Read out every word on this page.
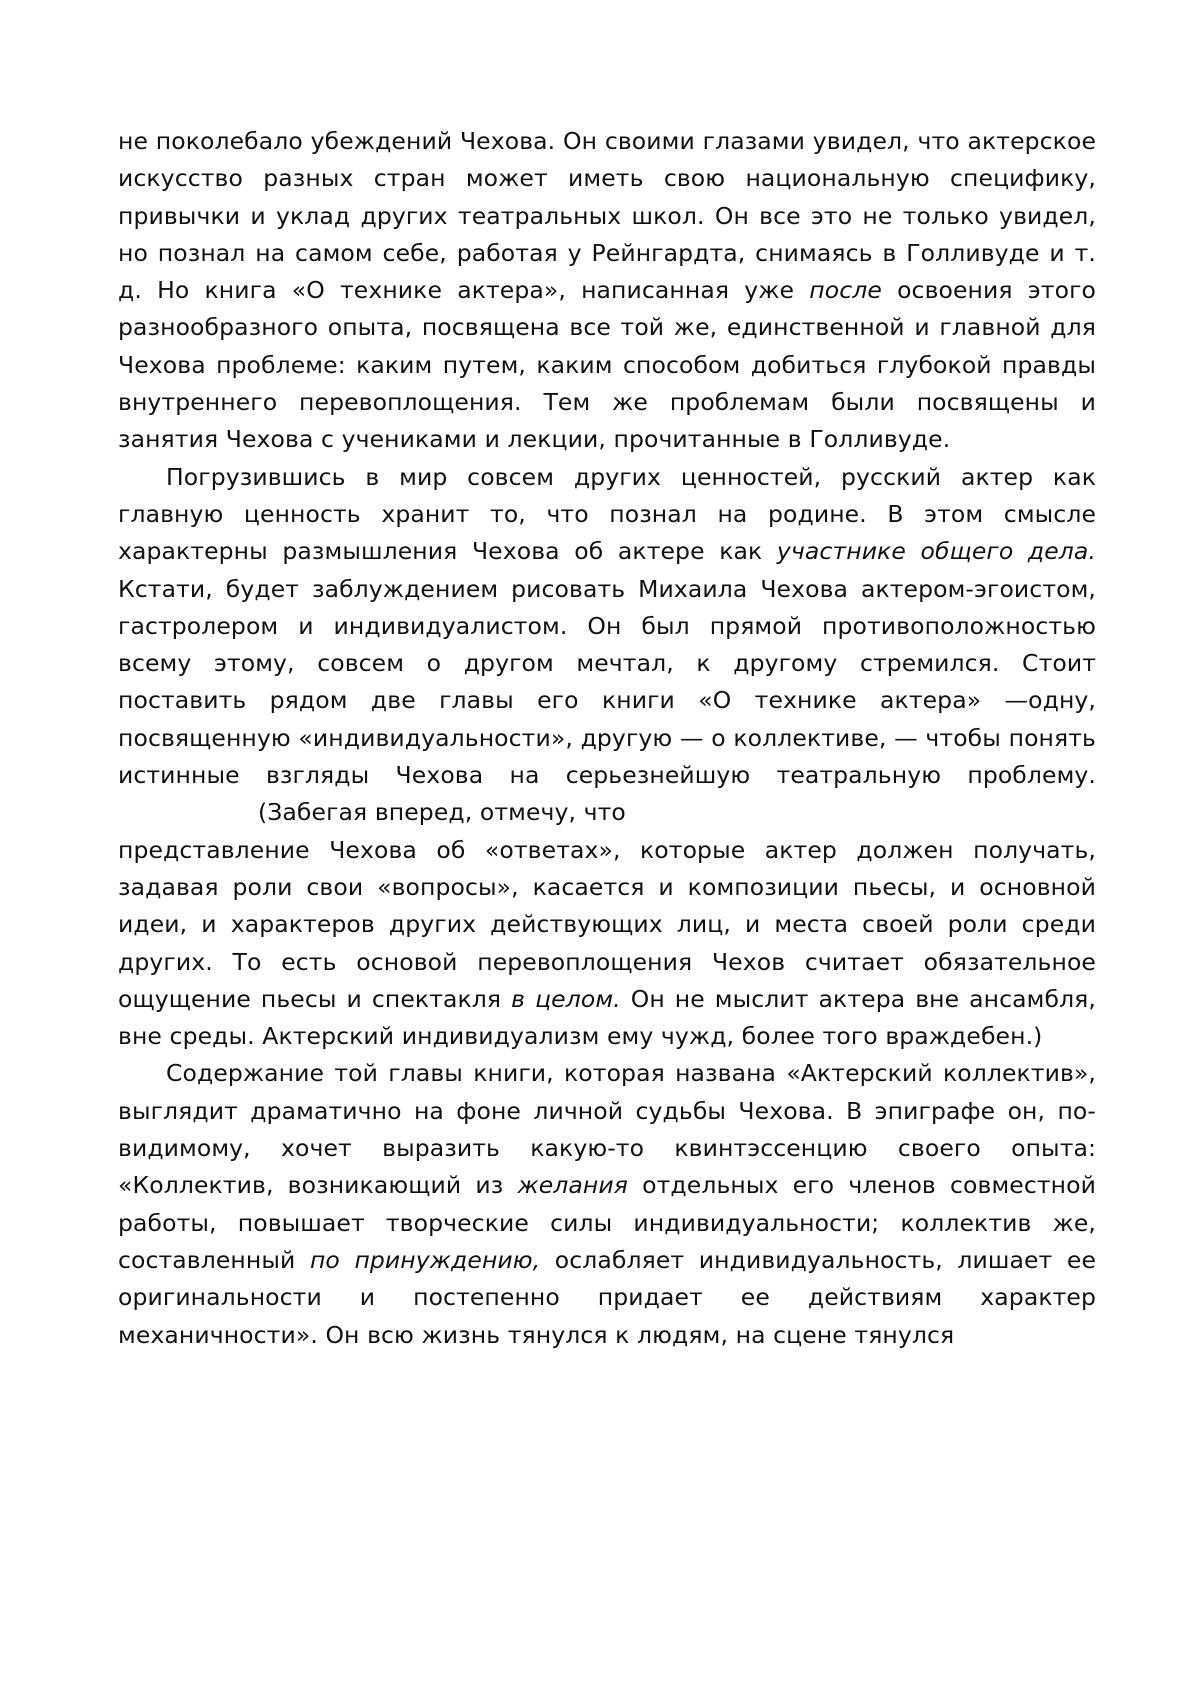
не поколебало убеждений Чехова. Он своими глазами увидел, что актерское искусство разных стран может иметь свою национальную специфику, привычки и уклад других театральных школ. Он все это не только увидел, но познал на самом себе, работая у Рейнгардта, снимаясь в Голливуде и т. д. Но книга «О технике актера», написанная уже после освоения этого разнообразного опыта, посвящена все той же, единственной и главной для Чехова проблеме: каким путем, каким способом добиться глубокой правды внутреннего перевоплощения. Тем же проблемам были посвящены и занятия Чехова с учениками и лекции, прочитанные в Голливуде.

Погрузившись в мир совсем других ценностей, русский актер как главную ценность хранит то, что познал на родине. В этом смысле характерны размышления Чехова об актере как участнике общего дела. Кстати, будет заблуждением рисовать Михаила Чехова актером-эгоистом, гастролером и индивидуалистом. Он был прямой противоположностью всему этому, совсем о другом мечтал, к другому стремился. Стоит поставить рядом две главы его книги «О технике актера» —одну, посвященную «индивидуальности», другую — о коллективе, — чтобы понять истинные взгляды Чехова на серьезнейшую театральную проблему.(Забегая вперед, отмечу, что

представление Чехова об «ответах», которые актер должен получать, задавая роли свои «вопросы», касается и композиции пьесы, и основной идеи, и характеров других действующих лиц, и места своей роли среди других. То есть основой перевоплощения Чехов считает обязательное ощущение пьесы и спектакля в целом. Он не мыслит актера вне ансамбля, вне среды. Актерский индивидуализм ему чужд, более того враждебен.)

Содержание той главы книги, которая названа «Актерский коллектив», выглядит драматично на фоне личной судьбы Чехова. В эпиграфе он, по-видимому, хочет выразить какую-то квинтэссенцию своего опыта: «Коллектив, возникающий из желания отдельных его членов совместной работы, повышает творческие силы индивидуальности; коллектив же, составленный по принуждению, ослабляет индивидуальность, лишает ее оригинальности и постепенно придает ее действиям характер механичности». Он всю жизнь тянулся к людям, на сцене тянулся
